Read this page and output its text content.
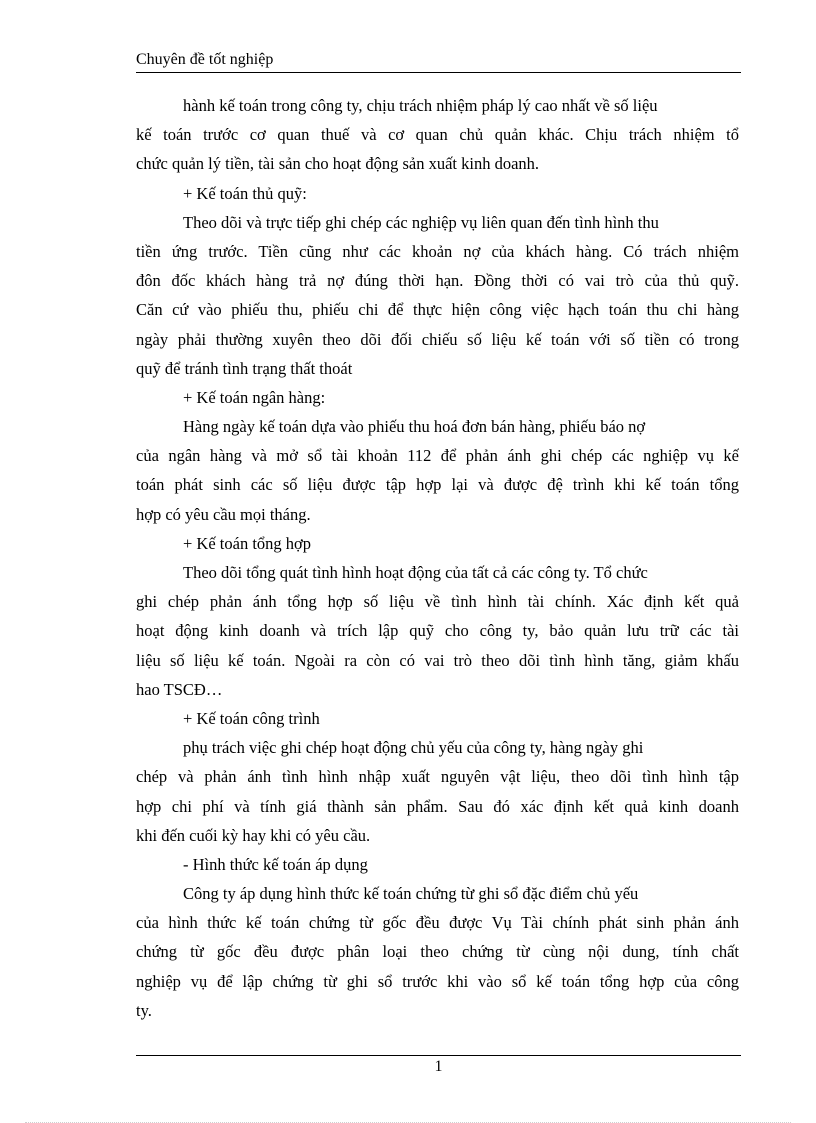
Chuyên đề tốt nghiệp
hành kế toán trong công ty, chịu trách nhiệm pháp lý cao nhất về số liệu
kế toán trước cơ quan thuế và cơ quan chủ quản khác. Chịu trách nhiệm tổ
chức quản lý tiền, tài sản cho hoạt động sản xuất kinh doanh.
+ Kế toán thủ quỹ:
Theo dõi và trực tiếp ghi chép các nghiệp vụ liên quan đến tình hình thu
tiền ứng trước. Tiền cũng như các khoản nợ của khách hàng. Có trách nhiệm
đôn đốc khách hàng trả nợ đúng thời hạn. Đồng thời có vai trò của thủ quỹ.
Căn cứ vào phiếu thu, phiếu chi để thực hiện công việc hạch toán thu chi hàng
ngày phải thường xuyên theo dõi đối chiếu số liệu kế toán với số tiền có trong
quỹ để tránh tình trạng thất thoát
+ Kế toán ngân hàng:
Hàng ngày kế toán dựa vào phiếu thu hoá đơn bán hàng, phiếu báo nợ
của ngân hàng và mở sổ tài khoản 112 để phản ánh ghi chép các nghiệp vụ kế
toán phát sinh các số liệu được tập hợp lại và được đệ trình khi kế toán tổng
hợp có yêu cầu mọi tháng.
+ Kế toán tổng hợp
Theo dõi tổng quát tình hình hoạt động của tất cả các công ty. Tổ chức
ghi chép phản ánh tổng hợp số liệu về tình hình tài chính. Xác định kết quả
hoạt động kinh doanh và trích lập quỹ cho công ty, bảo quản lưu trữ các tài
liệu số liệu kế toán. Ngoài ra còn có vai trò theo dõi tình hình tăng, giảm khấu
hao TSCĐ…
+ Kế toán công trình
phụ trách việc ghi chép hoạt động chủ yếu của công ty, hàng ngày ghi
chép và phản ánh tình hình nhập xuất nguyên vật liệu, theo dõi tình hình tập
hợp chi phí và tính giá thành sản phẩm. Sau đó xác định kết quả kinh doanh
khi đến cuối kỳ hay khi có yêu cầu.
- Hình thức kế toán áp dụng
Công ty áp dụng hình thức kế toán chứng từ ghi sổ đặc điểm chủ yếu
của hình thức kế toán chứng từ gốc đều được Vụ Tài chính phát sinh phản ánh
chứng từ gốc đều được phân loại theo chứng từ cùng nội dung, tính chất
nghiệp vụ để lập chứng từ ghi sổ trước khi vào sổ kế toán tổng hợp của công
ty.
1
